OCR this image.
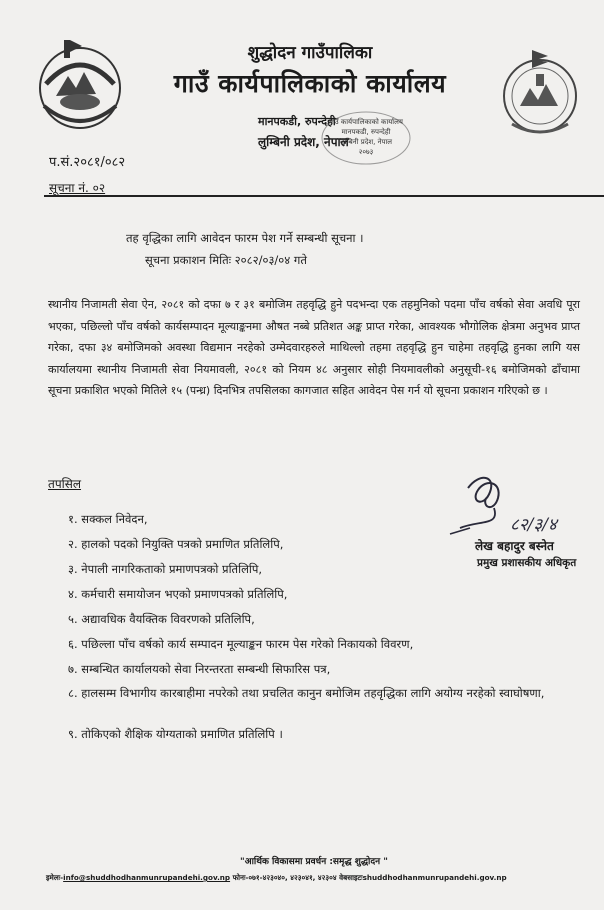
शुद्धोदन गाउँपालिका
गाउँ कार्यपालिकाको कार्यालय
मानपकडी, रुपन्देही
लुम्बिनी प्रदेश, नेपाल
गाउँ कार्यपालिकाको कार्यालय
मानपकडी, रुपन्देही
लुम्बिनी प्रदेश, नेपाल
२०७३
प.सं.२०८१/०८२
सूचना नं. ०२
तह वृद्धिका लागि आवेदन फारम पेश गर्ने सम्बन्धी सूचना ।
सूचना प्रकाशन मितिः २०८२/०३/०४ गते
स्थानीय निजामती सेवा ऐन, २०८१ को दफा ७ र ३१ बमोजिम तहवृद्धि हुने पदभन्दा एक तहमुनिको पदमा पाँच वर्षको सेवा अवधि पूरा भएका, पछिल्लो पाँच वर्षको कार्यसम्पादन मूल्याङ्कनमा औषत नब्बे प्रतिशत अङ्क प्राप्त गरेका, आवश्यक भौगोलिक क्षेत्रमा अनुभव प्राप्त गरेका, दफा ३४ बमोजिमको अवस्था विद्यमान नरहेको उम्मेदवारहरुले माथिल्लो तहमा तहवृद्धि हुन चाहेमा तहवृद्धि हुनका लागि यस कार्यालयमा स्थानीय निजामती सेवा नियमावली, २०८१ को नियम ४८ अनुसार सोही नियमावलीको अनुसूची-१६ बमोजिमको ढाँचामा सूचना प्रकाशित भएको मितिले १५ (पन्ध्र) दिनभित्र तपसिलका कागजात सहित आवेदन पेस गर्न यो सूचना प्रकाशन गरिएको छ ।
तपसिल
१. सक्कल निवेदन,
२. हालको पदको नियुक्ति पत्रको प्रमाणित प्रतिलिपि,
३. नेपाली नागरिकताको प्रमाणपत्रको प्रतिलिपि,
४. कर्मचारी समायोजन भएको प्रमाणपत्रको प्रतिलिपि,
५. अद्यावधिक वैयक्तिक विवरणको प्रतिलिपि,
६. पछिल्ला पाँच वर्षको कार्य सम्पादन मूल्याङ्कन फारम पेस गरेको निकायको विवरण,
७. सम्बन्धित कार्यालयको सेवा निरन्तरता सम्बन्धी सिफारिस पत्र,
८. हालसम्म विभागीय कारबाहीमा नपरेको तथा प्रचलित कानुन बमोजिम तहवृद्धिका लागि अयोग्य नरहेको स्वाघोषणा,
९. तोकिएको शैक्षिक योग्यताको प्रमाणित प्रतिलिपि ।
८२/३/४
लेख बहादुर बस्नेत
प्रमुख प्रशासकीय अधिकृत
"आर्थिक विकासमा प्रवर्धन :समृद्ध शुद्धोदन "
इमेलः-info@shuddhodhanmunrupandehi.gov.np फोनः-०७१-४२३०४०, ४२३०४१, ४२३०४ वेबसाइटःshuddhodhanmunrupandehi.gov.np
